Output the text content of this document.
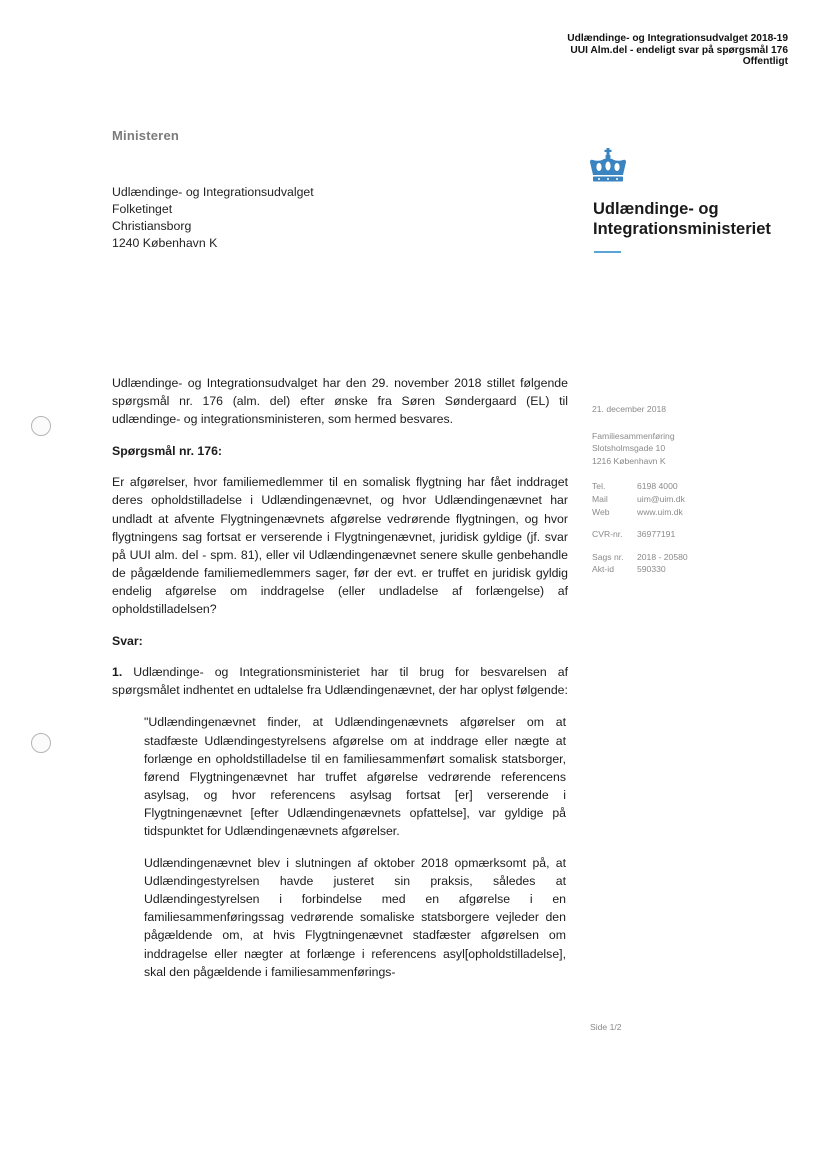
Udlændinge- og Integrationsudvalget 2018-19
UUI Alm.del - endeligt svar på spørgsmål 176
Offentligt
Ministeren
Udlændinge- og Integrationsudvalget
Folketinget
Christiansborg
1240 København K
Udlændinge- og
Integrationsministeriet

Udlændinge- og Integrationsudvalget har den 29. november 2018 stillet følgende spørgsmål nr. 176 (alm. del) efter ønske fra Søren Søndergaard (EL) til udlændinge- og integrationsministeren, som hermed besvares.

Spørgsmål nr. 176:

Er afgørelser, hvor familiemedlemmer til en somalisk flygtning har fået inddraget deres opholdstilladelse i Udlændingenævnet, og hvor Udlændingenævnet har undladt at afvente Flygtningenævnets afgørelse vedrørende flygtningen, og hvor flygtningens sag fortsat er verserende i Flygtningenævnet, juridisk gyldige (jf. svar på UUI alm. del - spm. 81), eller vil Udlændingenævnet senere skulle genbehandle de pågældende familiemedlemmers sager, før der evt. er truffet en juridisk gyldig endelig afgørelse om inddragelse (eller undladelse af forlængelse) af opholdstilladelsen?

Svar:

1. Udlændinge- og Integrationsministeriet har til brug for besvarelsen af spørgsmålet indhentet en udtalelse fra Udlændingenævnet, der har oplyst følgende:

"Udlændingenævnet finder, at Udlændingenævnets afgørelser om at stadfæste Udlændingestyrelsens afgørelse om at inddrage eller nægte at forlænge en opholdstilladelse til en familiesammenført somalisk statsborger, førend Flygtningenævnet har truffet afgørelse vedrørende referencens asylsag, og hvor referencens asylsag fortsat [er] verserende i Flygtningenævnet [efter Udlændingenævnets opfattelse], var gyldige på tidspunktet for Udlændingenævnets afgørelser.

Udlændingenævnet blev i slutningen af oktober 2018 opmærksomt på, at Udlændingestyrelsen havde justeret sin praksis, således at Udlændingestyrelsen i forbindelse med en afgørelse i en familiesammenføringssag vedrørende somaliske statsborgere vejleder den pågældende om, at hvis Flygtningenævnet stadfæster afgørelsen om inddragelse eller nægter at forlænge i referencens asyl[opholdstilladelse], skal den pågældende i familiesammenførings-

21. december 2018
Familiesammenføring
Slotsholmsgade 10
1216 København K
Tel.	6198 4000
Mail	uim@uim.dk
Web	www.uim.dk
CVR-nr.	36977191
Sags nr.	2018 - 20580
Akt-id	590330
Side 1/2
